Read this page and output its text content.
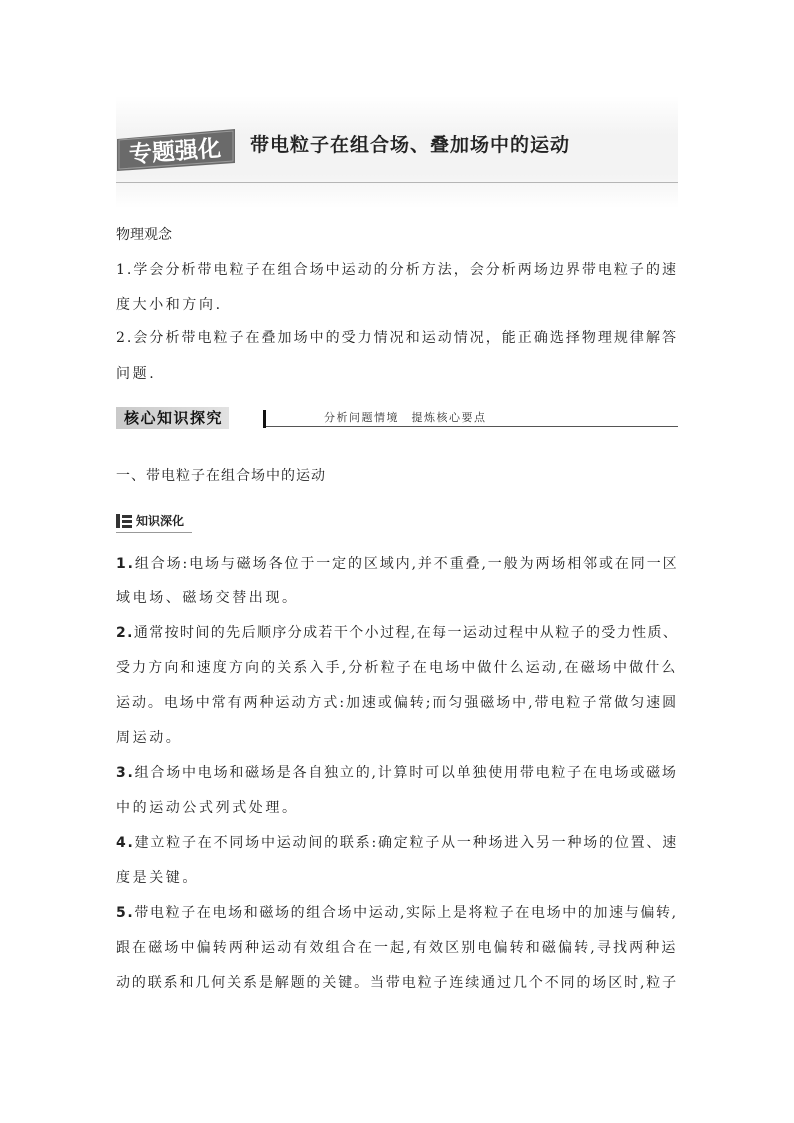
专题强化 带电粒子在组合场、叠加场中的运动
物理观念
1.学会分析带电粒子在组合场中运动的分析方法，会分析两场边界带电粒子的速
度大小和方向.
2.会分析带电粒子在叠加场中的受力情况和运动情况，能正确选择物理规律解答
问题.
核心知识探究	分析问题情境　提炼核心要点
一、带电粒子在组合场中的运动
知识深化
1.组合场:电场与磁场各位于一定的区域内,并不重叠,一般为两场相邻或在同一区
域电场、磁场交替出现。
2.通常按时间的先后顺序分成若干个小过程,在每一运动过程中从粒子的受力性质、
受力方向和速度方向的关系入手,分析粒子在电场中做什么运动,在磁场中做什么
运动。电场中常有两种运动方式:加速或偏转;而匀强磁场中,带电粒子常做匀速圆
周运动。
3.组合场中电场和磁场是各自独立的,计算时可以单独使用带电粒子在电场或磁场
中的运动公式列式处理。
4.建立粒子在不同场中运动间的联系:确定粒子从一种场进入另一种场的位置、速
度是关键。
5.带电粒子在电场和磁场的组合场中运动,实际上是将粒子在电场中的加速与偏转,
跟在磁场中偏转两种运动有效组合在一起,有效区别电偏转和磁偏转,寻找两种运
动的联系和几何关系是解题的关键。当带电粒子连续通过几个不同的场区时,粒子
